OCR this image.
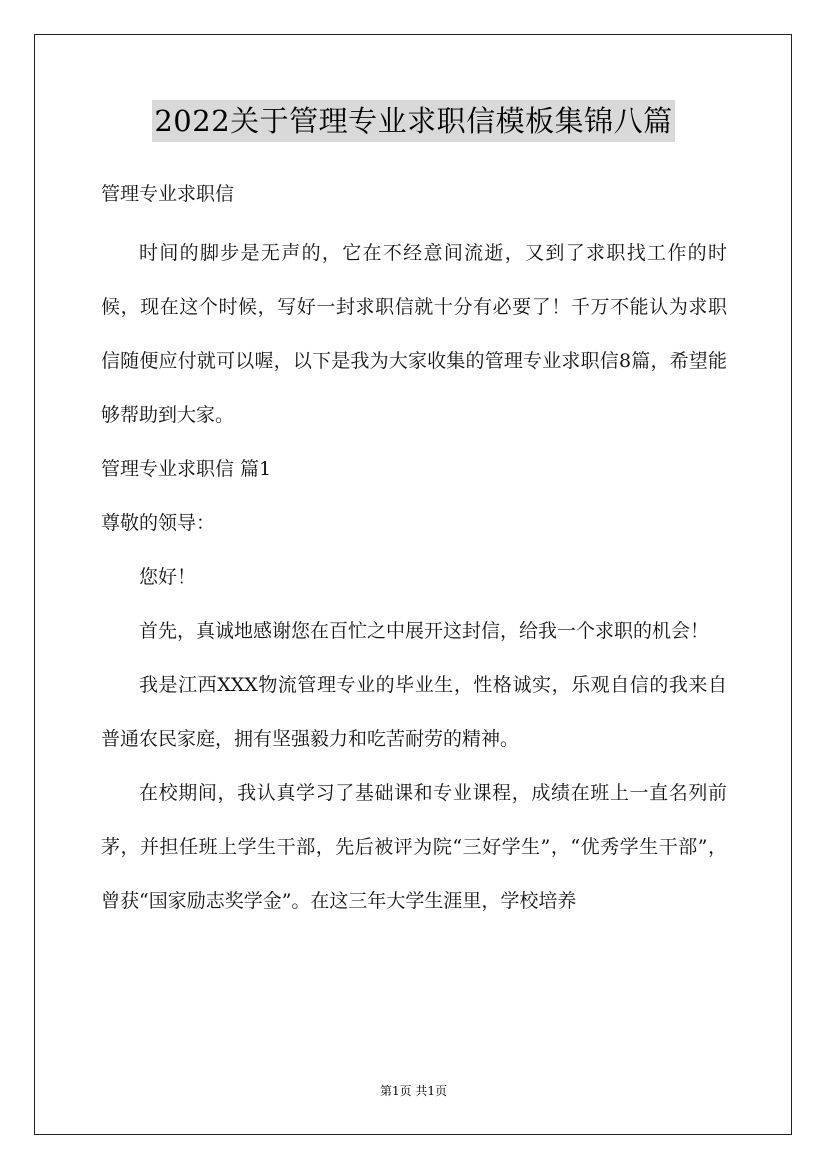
2022关于管理专业求职信模板集锦八篇

管理专业求职信

时间的脚步是无声的，它在不经意间流逝，又到了求职找工作的时候，现在这个时候，写好一封求职信就十分有必要了！千万不能认为求职信随便应付就可以喔，以下是我为大家收集的管理专业求职信8篇，希望能够帮助到大家。

管理专业求职信 篇1

尊敬的领导：

您好！

首先，真诚地感谢您在百忙之中展开这封信，给我一个求职的机会！

我是江西XXX物流管理专业的毕业生，性格诚实，乐观自信的我来自普通农民家庭，拥有坚强毅力和吃苦耐劳的精神。

在校期间，我认真学习了基础课和专业课程，成绩在班上一直名列前茅，并担任班上学生干部，先后被评为院“三好学生”，“优秀学生干部”，曾获“国家励志奖学金”。在这三年大学生涯里，学校培养

第1页 共1页
